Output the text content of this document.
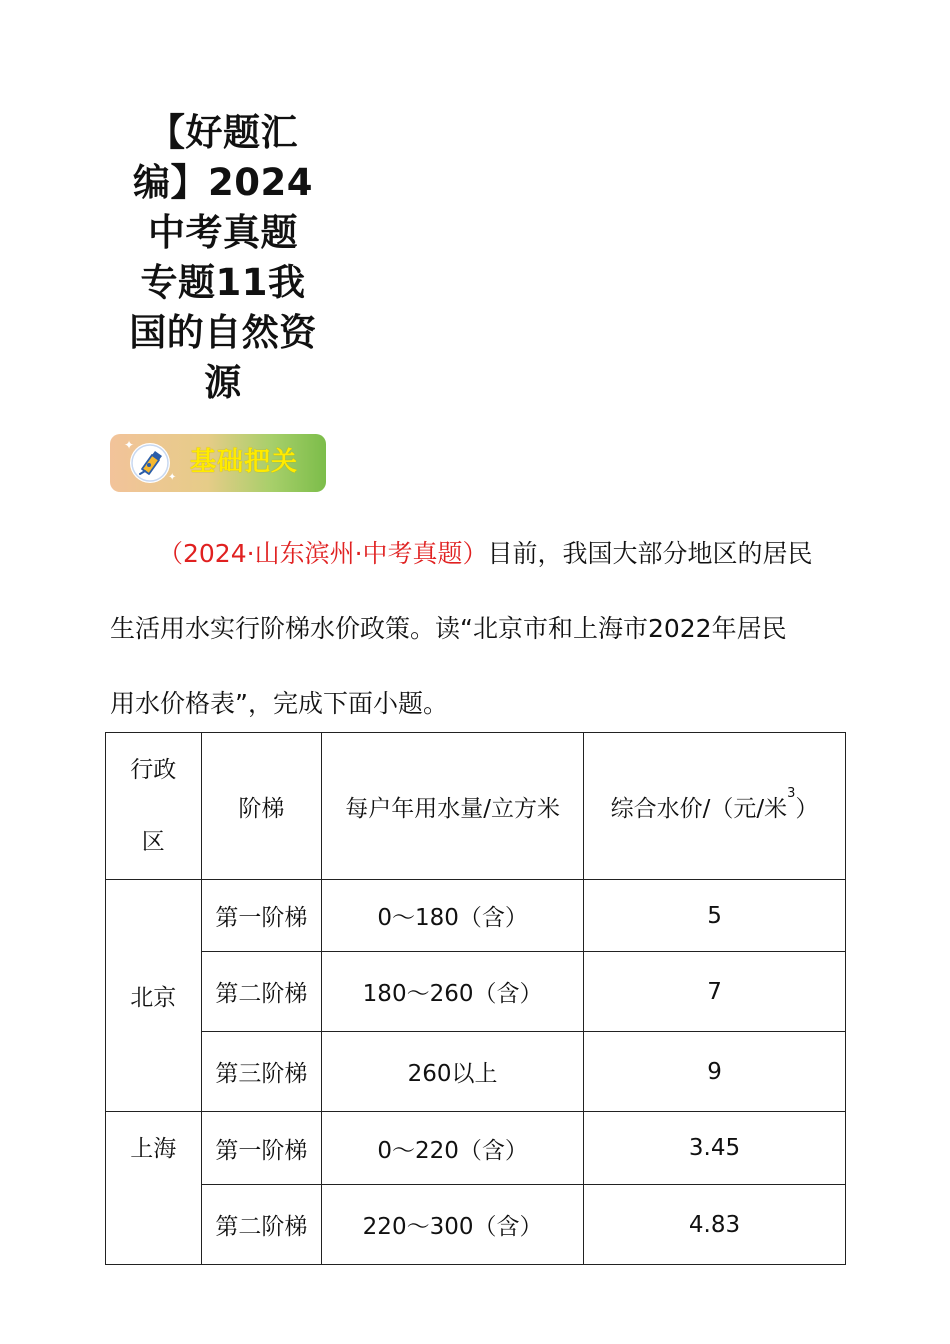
【好题汇
编】2024
中考真题
专题11我
国的自然资
源
✦
✦
基础把关
（2024·山东滨州·中考真题）目前，我国大部分地区的居民
生活用水实行阶梯水价政策。读“北京市和上海市2022年居民
用水价格表”，完成下面小题。
行政
区	阶梯	每户年用水量/立方米	综合水价/（元/米$^3$）
北京	第一阶梯	0～180（含）	5
	第二阶梯	180～260（含）	7
	第三阶梯	260以上	9
上海	第一阶梯	0～220（含）	3.45
	第二阶梯	220～300（含）	4.83
